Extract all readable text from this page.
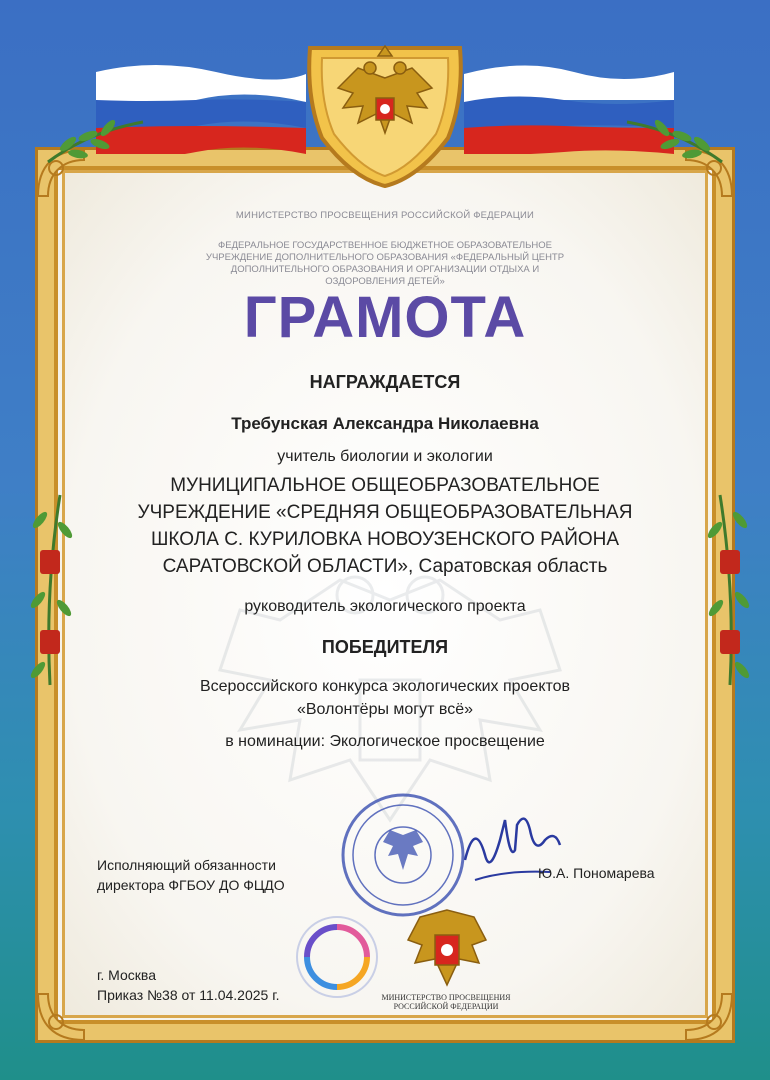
МИНИСТЕРСТВО ПРОСВЕЩЕНИЯ РОССИЙСКОЙ ФЕДЕРАЦИИ
ФЕДЕРАЛЬНОЕ ГОСУДАРСТВЕННОЕ БЮДЖЕТНОЕ ОБРАЗОВАТЕЛЬНОЕ
УЧРЕЖДЕНИЕ ДОПОЛНИТЕЛЬНОГО ОБРАЗОВАНИЯ «ФЕДЕРАЛЬНЫЙ ЦЕНТР
ДОПОЛНИТЕЛЬНОГО ОБРАЗОВАНИЯ И ОРГАНИЗАЦИИ ОТДЫХА И
ОЗДОРОВЛЕНИЯ ДЕТЕЙ»
ГРАМОТА
НАГРАЖДАЕТСЯ
Требунская Александра Николаевна
учитель биологии и экологии
МУНИЦИПАЛЬНОЕ ОБЩЕОБРАЗОВАТЕЛЬНОЕ
УЧРЕЖДЕНИЕ «СРЕДНЯЯ ОБЩЕОБРАЗОВАТЕЛЬНАЯ
ШКОЛА С. КУРИЛОВКА НОВОУЗЕНСКОГО РАЙОНА
САРАТОВСКОЙ ОБЛАСТИ», Саратовская область
руководитель экологического проекта
ПОБЕДИТЕЛЯ
Всероссийского конкурса экологических проектов
«Волонтёры могут всё»
в номинации: Экологическое просвещение
Исполняющий обязанности
директора ФГБОУ ДО ФЦДО
Ю.А. Пономарева
МИНИСТЕРСТВО ПРОСВЕЩЕНИЯ
РОССИЙСКОЙ ФЕДЕРАЦИИ
г. Москва
Приказ №38 от 11.04.2025 г.
